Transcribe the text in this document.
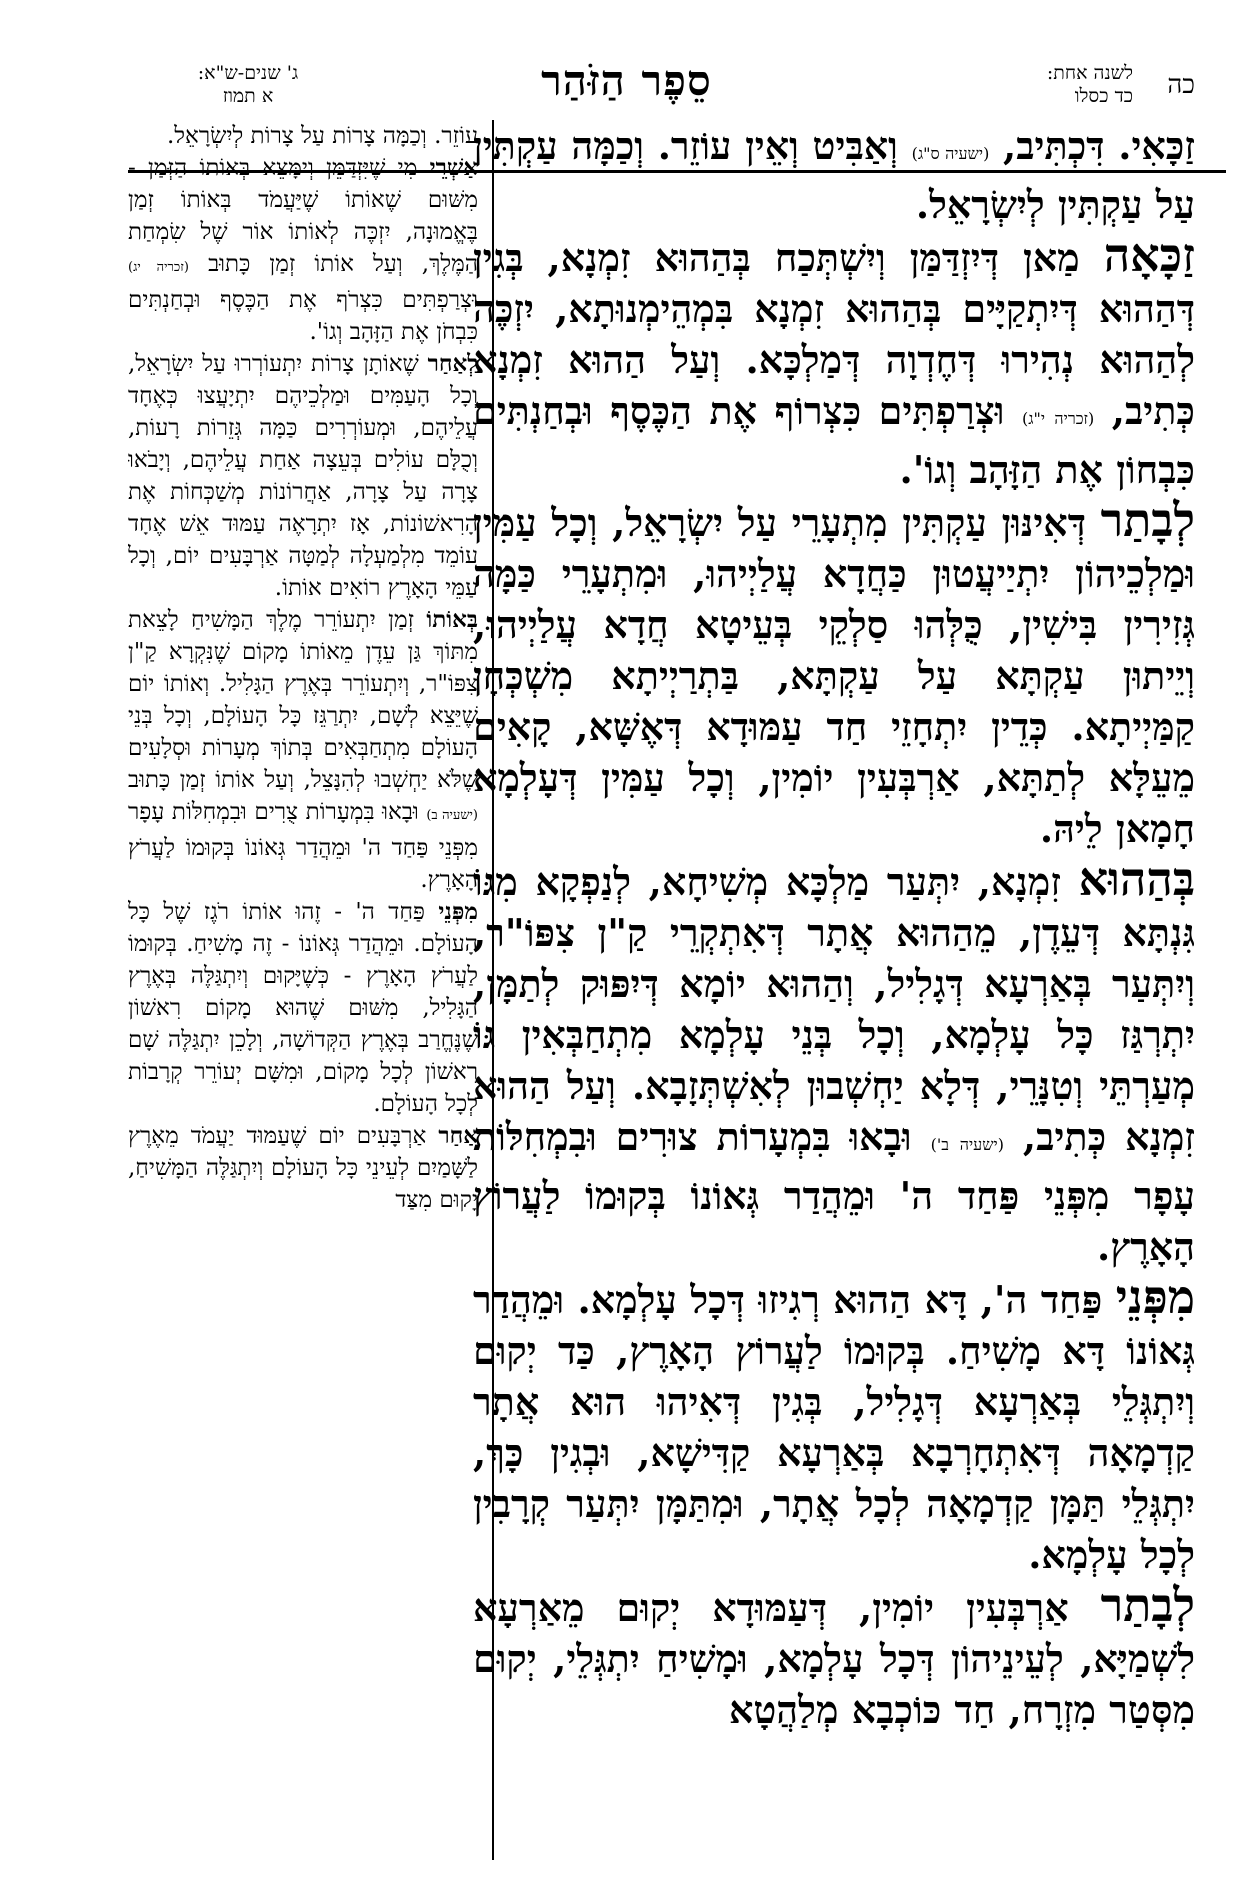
כה
לשנה אחת:
כד כסלו
סֵפֶר הַזֹּהַר
ג' שנים-ש"א:
א תמוז

זַכָּאִי. דִּכְתִּיב, (ישעיה ס"ג) וְאַבִּיט וְאֵין עוֹזֵר. וְכַמָּה עַקְתִּין עַל עַקְתִּין לְיִשְׂרָאֵל.

זַכָּאָה מַאן דְּיִזְדַּמַּן וְיִשְׁתְּכַח בְּהַהוּא זִמְנָא, בְּגִין דְּהַהוּא דְּיִתְקַיָּים בְּהַהוּא זִמְנָא בִּמְהֵימְנוּתָא, יִזְכֶּה לְהַהוּא נְהִירוּ דְּחֶדְוָה דְּמַלְכָּא. וְעַל הַהוּא זִמְנָא כְּתִיב, (זכריה י"ג) וּצְרַפְתִּים כִּצְרוֹף אֶת הַכֶּסֶף וּבְחַנְתִּים כִּבְחוֹן אֶת הַזָּהָב וְגוֹ'.

לְבָתַר דְּאִינּוּן עַקְתִּין מִתְעָרֵי עַל יִשְׂרָאֵל, וְכָל עַמִּין וּמַלְכֵיהוֹן יִתְיַיעֲטוּן כַּחֲדָא עֲלַיְיהוּ, וּמִתְעָרֵי כַּמָּה גְּזִירִין בִּישִׁין, כֻּלְּהוּ סַלְקֵי בְּעֵיטָא חֲדָא עֲלַיְיהוּ, וְיֵיתוּן עַקְתָּא עַל עַקְתָּא, בַּתְרַיְיתָא מִשְׁכְּחָן קַמַּיְיתָא. כְּדֵין יִתְחָזֵי חַד עַמּוּדָא דְּאֶשָּׁא, קָאִים מֵעֵלָּא לְתַתָּא, אַרְבְּעִין יוֹמִין, וְכָל עַמִּין דְּעָלְמָא חָמָאן לֵיהּ.

בְּהַהוּא זִמְנָא, יִתְּעַר מַלְכָּא מְשִׁיחָא, לְנַפְקָא מִגּוֹ גִּנְתָּא דְּעֵדֶן, מֵהַהוּא אֲתָר דְּאִתְקְרֵי קַ"ן צִפּוֹ"ר, וְיִתְּעַר בְּאַרְעָא דְּגָלִיל, וְהַהוּא יוֹמָא דְּיִפּוּק לְתַמָּן, יִתְרְגַּז כָּל עָלְמָא, וְכָל בְּנֵי עָלְמָא מִתְחַבְּאִין גּוֹ מְעַרְתֵּי וְטִנָּרֵי, דְּלָא יַחְשְׁבוּן לְאִשְׁתְּזָבָא. וְעַל הַהוּא זִמְנָא כְּתִיב, (ישעיה ב') וּבָאוּ בִּמְעָרוֹת צוּרִים וּבִמְחִלּוֹת עָפָר מִפְּנֵי פַּחַד ה' וּמֵהֲדַר גְּאוֹנוֹ בְּקוּמוֹ לַעֲרוֹץ הָאָרֶץ.

מִפְּנֵי פַּחַד ה', דָּא הַהוּא רְגִיזוּ דְּכָל עָלְמָא. וּמֵהֲדַר גְּאוֹנוֹ דָּא מָשִׁיחַ. בְּקוּמוֹ לַעֲרוֹץ הָאָרֶץ, כַּד יְקוּם וְיִתְגְּלֵי בְּאַרְעָא דְּגָלִיל, בְּגִין דְּאִיהוּ הוּא אֲתָר קַדְמָאָה דְּאִתְחָרְבָא בְּאַרְעָא קַדִּישָׁא, וּבְגִין כָּךְ, יִתְגְּלֵי תַּמָּן קַדְמָאָה לְכָל אֲתָר, וּמִתַּמָּן יִתְּעַר קְרָבִין לְכָל עָלְמָא.

לְבָתַר אַרְבְּעִין יוֹמִין, דְּעַמּוּדָא יְקוּם מֵאַרְעָא לִשְׁמַיָּא, לְעֵינֵיהוֹן דְּכָל עָלְמָא, וּמָשִׁיחַ יִתְגְּלֵי, יְקוּם מִסְּטַר מִזְרָח, חַד כּוֹכְבָא מְלַהֲטָא

עוֹזֵר. וְכַמָּה צָרוֹת עַל צָרוֹת לְיִשְׂרָאֵל.

אַשְׁרֵי מִי שֶׁיִּזְדַּמֵּן וְיִמָּצֵא בְּאוֹתוֹ הַזְּמַן - מִשּׁוּם שֶׁאוֹתוֹ שֶׁיַּעֲמֹד בְּאוֹתוֹ זְמַן בֶּאֱמוּנָה, יִזְכֶּה לְאוֹתוֹ אוֹר שֶׁל שִׂמְחַת הַמֶּלֶךְ, וְעַל אוֹתוֹ זְמַן כָּתוּב (זכריה יג) וּצְרַפְתִּים כִּצְרֹף אֶת הַכֶּסֶף וּבְחַנְתִּים כִּבְחֹן אֶת הַזָּהָב וְגוֹ'.

לְאַחַר שֶׁאוֹתָן צָרוֹת יִתְעוֹרְרוּ עַל יִשְׂרָאֵל, וְכָל הָעַמִּים וּמַלְכֵיהֶם יִתְיָעֲצוּ כְּאֶחָד עֲלֵיהֶם, וּמְעוֹרְרִים כַּמָּה גְּזֵרוֹת רָעוֹת, וְכֻלָּם עוֹלִים בְּעֵצָה אַחַת עֲלֵיהֶם, וְיָבֹאוּ צָרָה עַל צָרָה, אַחֲרוֹנוֹת מְשַׁכְּחוֹת אֶת הָרִאשׁוֹנוֹת, אָז יִתְרָאֶה עַמּוּד אֵשׁ אֶחָד עוֹמֵד מִלְמַעְלָה לְמַטָּה אַרְבָּעִים יוֹם, וְכָל עַמֵּי הָאָרֶץ רוֹאִים אוֹתוֹ.

בְּאוֹתוֹ זְמַן יִתְעוֹרֵר מֶלֶךְ הַמָּשִׁיחַ לָצֵאת מִתּוֹךְ גַּן עֵדֶן מֵאוֹתוֹ מָקוֹם שֶׁנִּקְרָא קַ"ן צִפּוֹ"ר, וְיִתְעוֹרֵר בְּאֶרֶץ הַגָּלִיל. וְאוֹתוֹ יוֹם שֶׁיֵּצֵא לְשָׁם, יִתְרַגֵּז כָּל הָעוֹלָם, וְכָל בְּנֵי הָעוֹלָם מִתְחַבְּאִים בְּתוֹךְ מְעָרוֹת וּסְלָעִים שֶׁלֹּא יַחְשְׁבוּ לְהִנָּצֵל, וְעַל אוֹתוֹ זְמַן כָּתוּב (ישעיה ב) וּבָאוּ בִּמְעָרוֹת צֻרִים וּבִמְחִלּוֹת עָפָר מִפְּנֵי פַּחַד ה' וּמֵהֲדַר גְּאוֹנוֹ בְּקוּמוֹ לַעֲרֹץ הָאָרֶץ.

מִפְּנֵי פַּחַד ה' - זֶהוּ אוֹתוֹ רֹגֶז שֶׁל כָּל הָעוֹלָם. וּמֵהֲדַר גְּאוֹנוֹ - זֶה מָשִׁיחַ. בְּקוּמוֹ לַעֲרֹץ הָאָרֶץ - כְּשֶׁיָּקוּם וְיִתְגַּלֶּה בְּאֶרֶץ הַגָּלִיל, מִשּׁוּם שֶׁהוּא מָקוֹם רִאשׁוֹן שֶׁנֶּחֱרַב בְּאֶרֶץ הַקְּדוֹשָׁה, וְלָכֵן יִתְגַּלֶּה שָׁם רִאשׁוֹן לְכָל מָקוֹם, וּמִשָּׁם יְעוֹרֵר קְרָבוֹת לְכָל הָעוֹלָם.

אַחַר אַרְבָּעִים יוֹם שֶׁעַמּוּד יַעֲמֹד מֵאֶרֶץ לַשָּׁמַיִם לְעֵינֵי כָּל הָעוֹלָם וְיִתְגַּלֶּה הַמָּשִׁיחַ, יָקוּם מִצַּד
